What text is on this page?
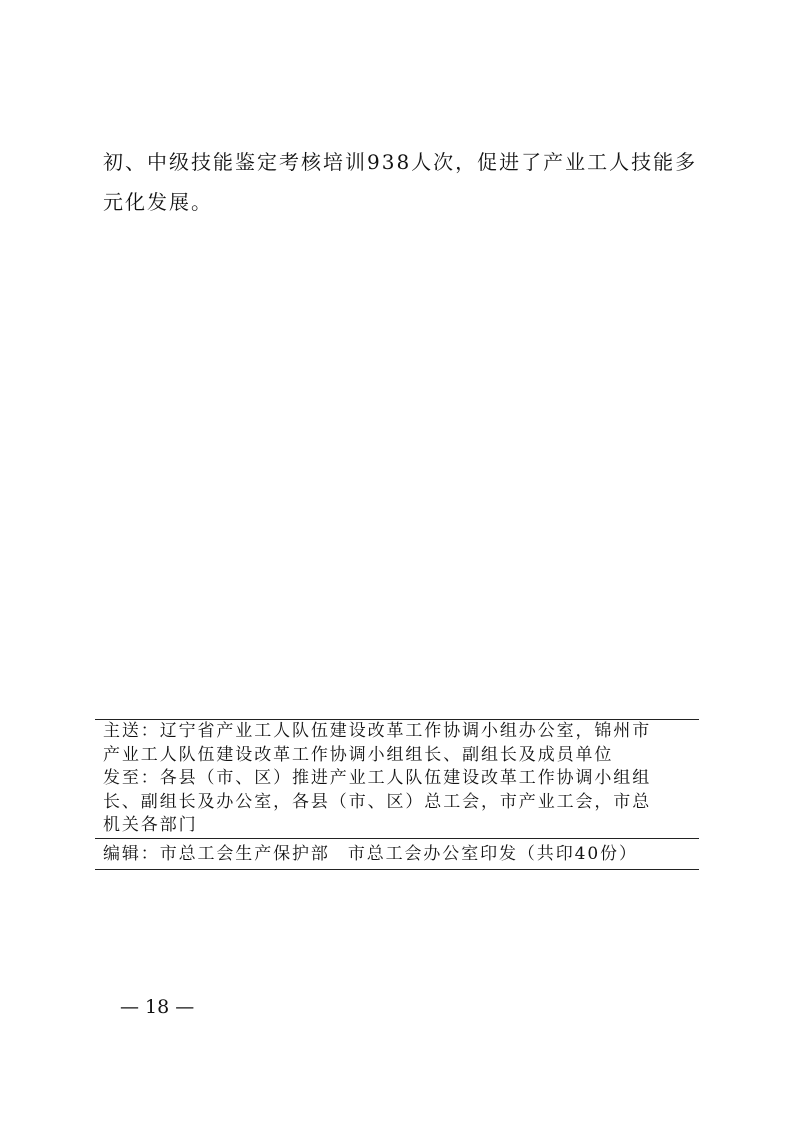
初、中级技能鉴定考核培训938人次，促进了产业工人技能多

元化发展。

主送：辽宁省产业工人队伍建设改革工作协调小组办公室，锦州市
产业工人队伍建设改革工作协调小组组长、副组长及成员单位
发至：各县（市、区）推进产业工人队伍建设改革工作协调小组组
长、副组长及办公室，各县（市、区）总工会，市产业工会，市总
机关各部门
编辑：市总工会生产保护部 市总工会办公室印发（共印40份）
— 18 —
